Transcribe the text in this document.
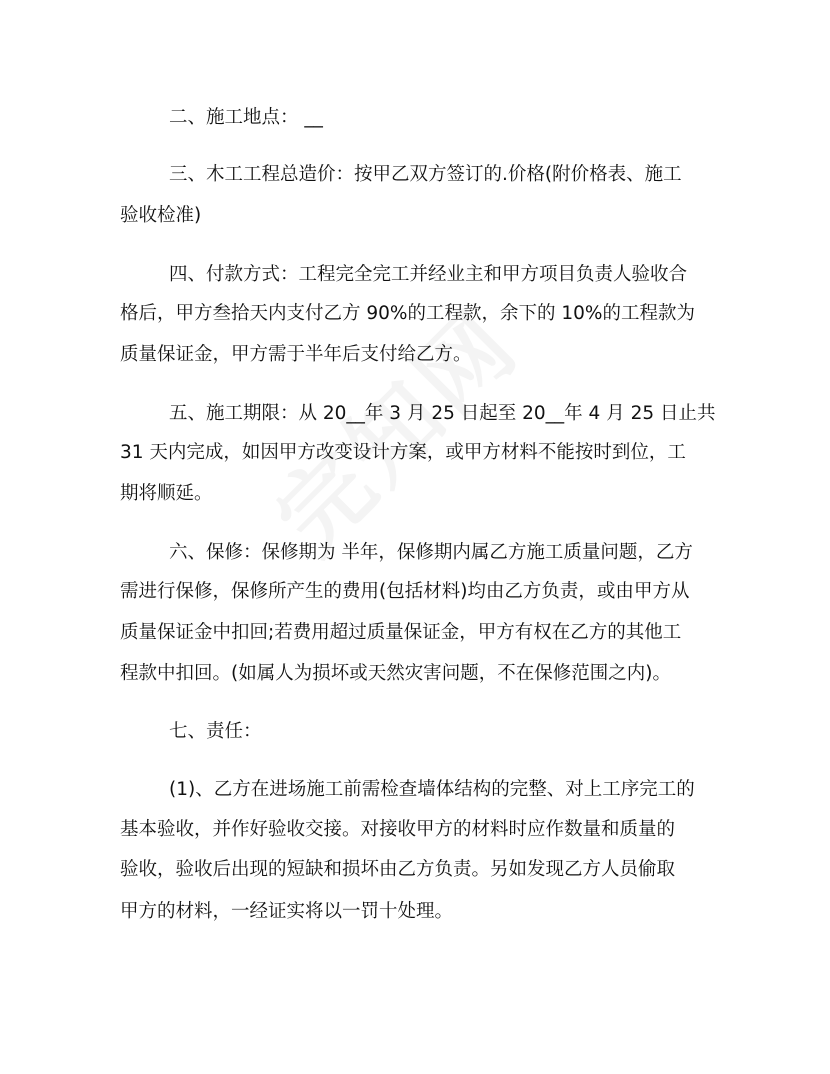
二、施工地点： __
三、木工工程总造价：按甲乙双方签订的.价格(附价格表、施工
验收检准)
四、付款方式：工程完全完工并经业主和甲方项目负责人验收合
格后，甲方叁拾天内支付乙方 90%的工程款，余下的 10%的工程款为
质量保证金，甲方需于半年后支付给乙方。
五、施工期限：从 20__年 3 月 25 日起至 20__年 4 月 25 日止共
31 天内完成，如因甲方改变设计方案，或甲方材料不能按时到位，工
期将顺延。
六、保修：保修期为 半年，保修期内属乙方施工质量问题，乙方
需进行保修，保修所产生的费用(包括材料)均由乙方负责，或由甲方从
质量保证金中扣回;若费用超过质量保证金，甲方有权在乙方的其他工
程款中扣回。(如属人为损坏或天然灾害问题，不在保修范围之内)。
七、责任：
(1)、乙方在进场施工前需检查墙体结构的完整、对上工序完工的
基本验收，并作好验收交接。对接收甲方的材料时应作数量和质量的
验收，验收后出现的短缺和损坏由乙方负责。另如发现乙方人员偷取
甲方的材料，一经证实将以一罚十处理。
